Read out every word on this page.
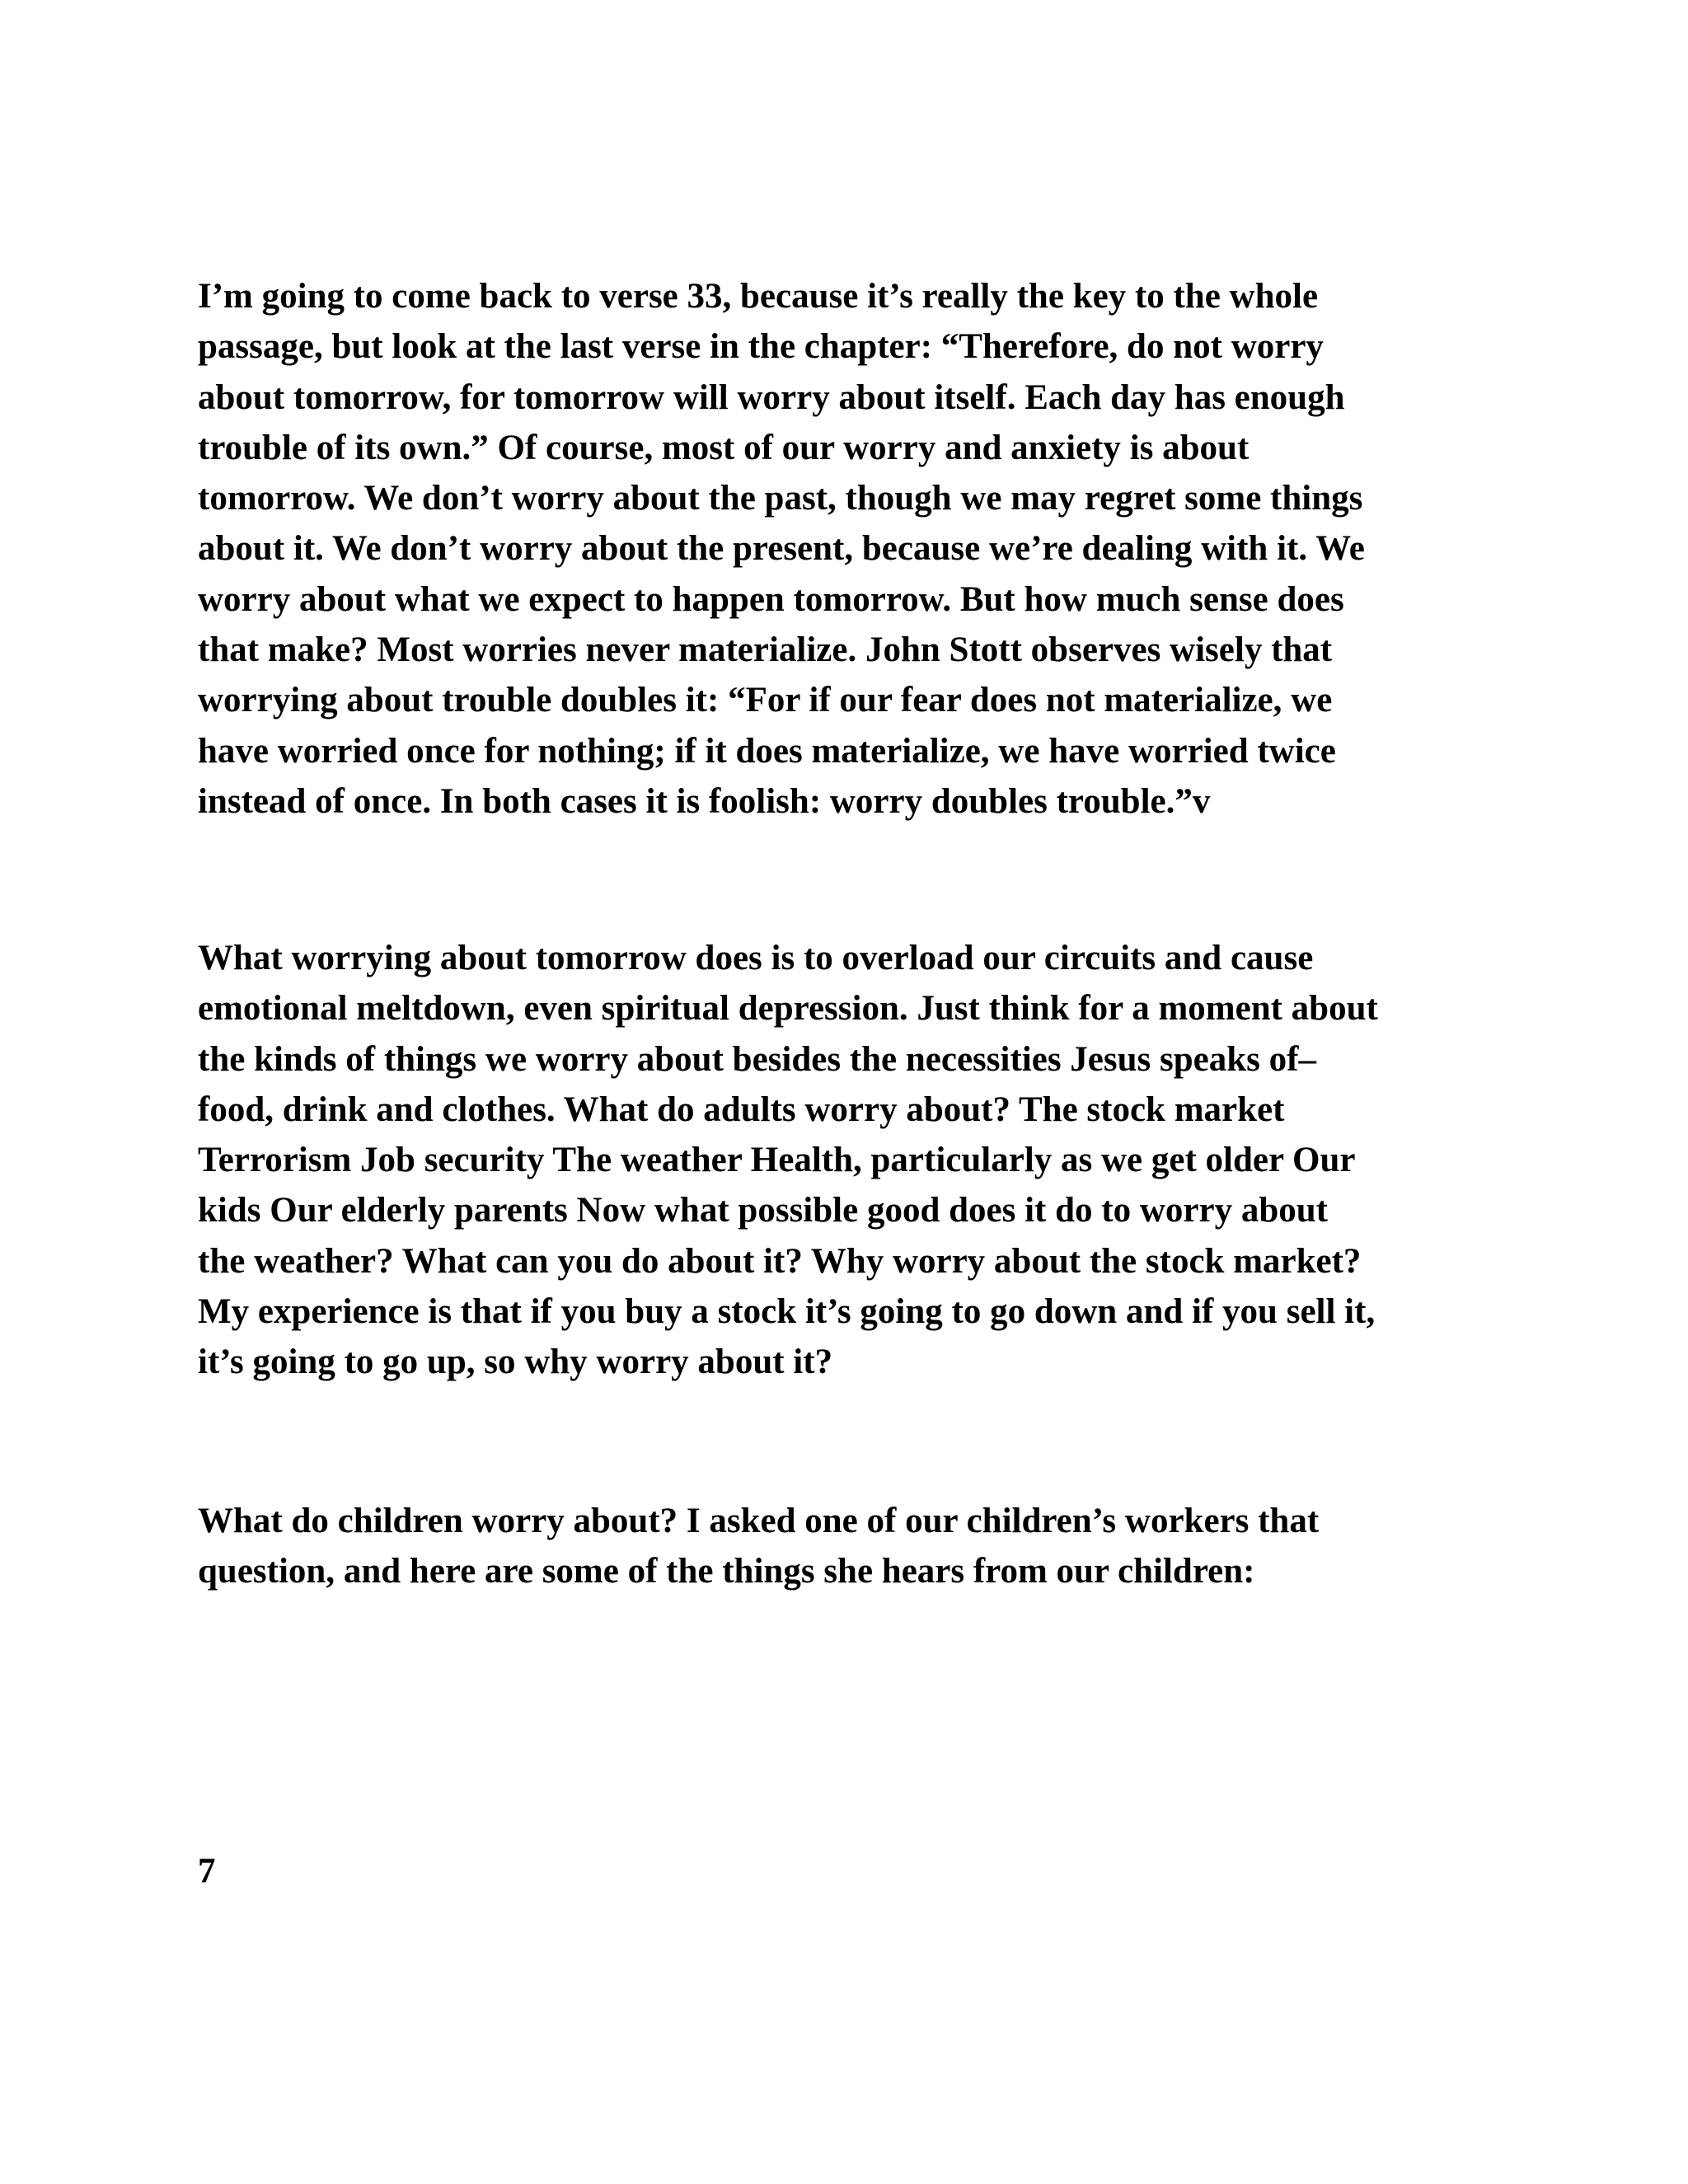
I’m going to come back to verse 33, because it’s really the key to the whole
passage, but look at the last verse in the chapter: “Therefore, do not worry
about tomorrow, for tomorrow will worry about itself. Each day has enough
trouble of its own.” Of course, most of our worry and anxiety is about
tomorrow. We don’t worry about the past, though we may regret some things
about it. We don’t worry about the present, because we’re dealing with it. We
worry about what we expect to happen tomorrow. But how much sense does
that make? Most worries never materialize. John Stott observes wisely that
worrying about trouble doubles it: “For if our fear does not materialize, we
have worried once for nothing; if it does materialize, we have worried twice
instead of once. In both cases it is foolish: worry doubles trouble.”v

What worrying about tomorrow does is to overload our circuits and cause
emotional meltdown, even spiritual depression. Just think for a moment about
the kinds of things we worry about besides the necessities Jesus speaks of–
food, drink and clothes. What do adults worry about? The stock market
Terrorism Job security The weather Health, particularly as we get older Our
kids Our elderly parents Now what possible good does it do to worry about
the weather? What can you do about it? Why worry about the stock market?
My experience is that if you buy a stock it’s going to go down and if you sell it,
it’s going to go up, so why worry about it?

What do children worry about? I asked one of our children’s workers that
question, and here are some of the things she hears from our children:

7
